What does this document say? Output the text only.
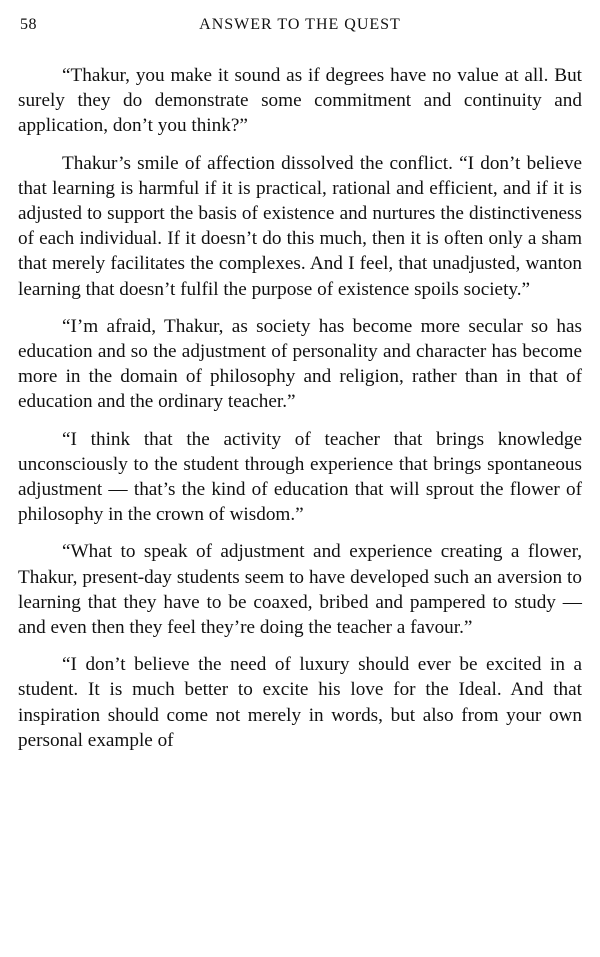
58	ANSWER TO THE QUEST

“Thakur, you make it sound as if degrees have no value at all. But surely they do demonstrate some commitment and continuity and application, don’t you think?”

Thakur’s smile of affection dissolved the conflict. “I don’t believe that learning is harmful if it is practical, rational and efficient, and if it is adjusted to support the basis of existence and nurtures the distinctiveness of each individual. If it doesn’t do this much, then it is often only a sham that merely facilitates the complexes. And I feel, that unadjusted, wanton learning that doesn’t fulfil the purpose of existence spoils society.”

“I’m afraid, Thakur, as society has become more secular so has education and so the adjustment of personality and character has become more in the domain of philosophy and religion, rather than in that of education and the ordinary teacher.”

“I think that the activity of teacher that brings knowledge unconsciously to the student through experience that brings spontaneous adjustment — that’s the kind of education that will sprout the flower of philosophy in the crown of wisdom.”

“What to speak of adjustment and experience creating a flower, Thakur, present-day students seem to have developed such an aversion to learning that they have to be coaxed, bribed and pampered to study — and even then they feel they’re doing the teacher a favour.”

“I don’t believe the need of luxury should ever be excited in a student. It is much better to excite his love for the Ideal. And that inspiration should come not merely in words, but also from your own personal example of
